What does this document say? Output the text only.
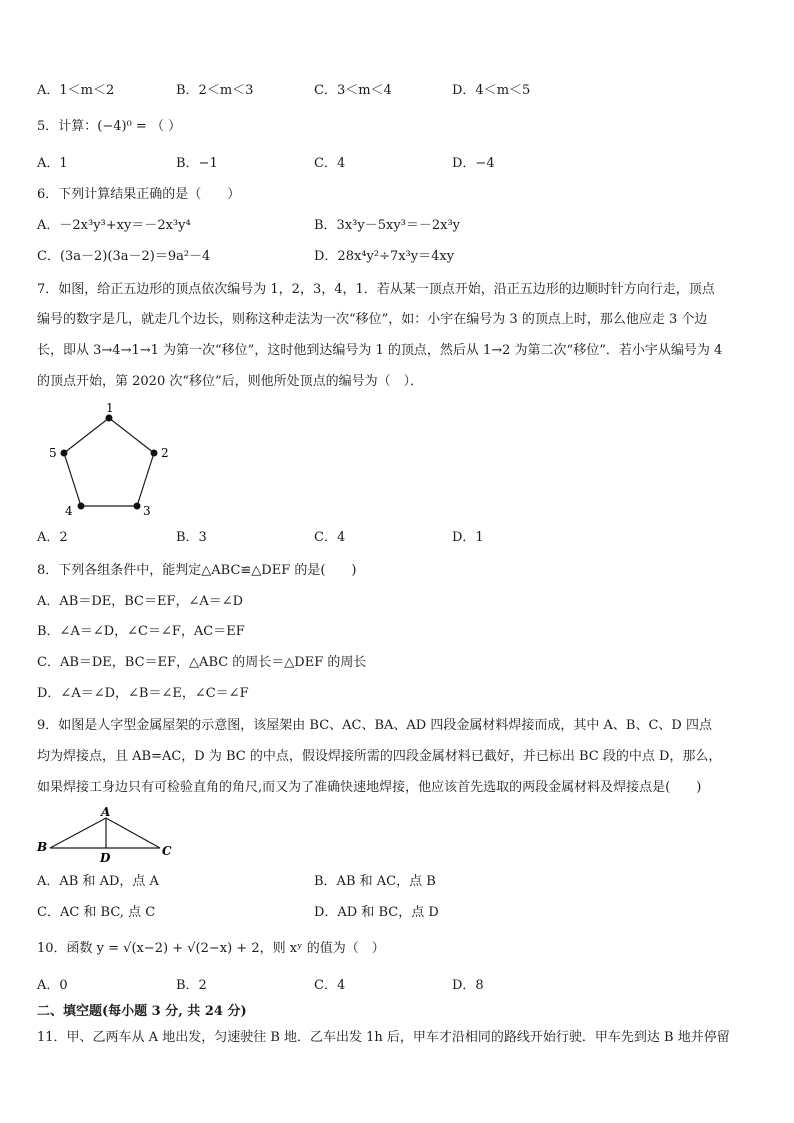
A．1＜m＜2	B．2＜m＜3	C．3＜m＜4	D．4＜m＜5
5．计算：(−4)⁰ = （ ）
A．1	B．−1	C．4	D．−4
6．下列计算结果正确的是（　　）
A．－2x³y³+xy＝－2x³y⁴	B．3x³y－5xy³＝－2x³y
C．(3a－2)(3a－2)＝9a²－4	D．28x⁴y²÷7x³y＝4xy
7．如图，给正五边形的顶点依次编号为 1，2，3，4，1．若从某一顶点开始，沿正五边形的边顺时针方向行走，顶点
编号的数字是几，就走几个边长，则称这种走法为一次“移位”，如：小宇在编号为 3 的顶点上时，那么他应走 3 个边
长，即从 3→4→1→1 为第一次“移位”，这时他到达编号为 1 的顶点，然后从 1→2 为第二次“移位”．若小宇从编号为 4
的顶点开始，第 2020 次“移位”后，则他所处顶点的编号为（　）．
1
2
3
4
5
A．2	B．3	C．4	D．1
8．下列各组条件中，能判定△ABC≌△DEF 的是(　　)
A．AB＝DE，BC＝EF，∠A＝∠D
B．∠A＝∠D，∠C＝∠F，AC＝EF
C．AB＝DE，BC＝EF，△ABC 的周长＝△DEF 的周长
D．∠A＝∠D，∠B＝∠E，∠C＝∠F
9．如图是人字型金属屋架的示意图，该屋架由 BC、AC、BA、AD 四段金属材料焊接而成，其中 A、B、C、D 四点
均为焊接点，且 AB=AC，D 为 BC 的中点，假设焊接所需的四段金属材料已截好，并已标出 BC 段的中点 D，那么，
如果焊接工身边只有可检验直角的角尺,而又为了准确快速地焊接，他应该首先选取的两段金属材料及焊接点是(　　)
A
B	C
D
A．AB 和 AD，点 A	B．AB 和 AC，点 B
C．AC 和 BC, 点 C	D．AD 和 BC，点 D
10．函数 y = √(x−2) + √(2−x) + 2，则 xʸ 的值为（　）
A．0	B．2	C．4	D．8
二、填空题(每小题 3 分, 共 24 分)
11．甲、乙两车从 A 地出发，匀速驶往 B 地．乙车出发 1h 后，甲车才沿相同的路线开始行驶．甲车先到达 B 地并停留
